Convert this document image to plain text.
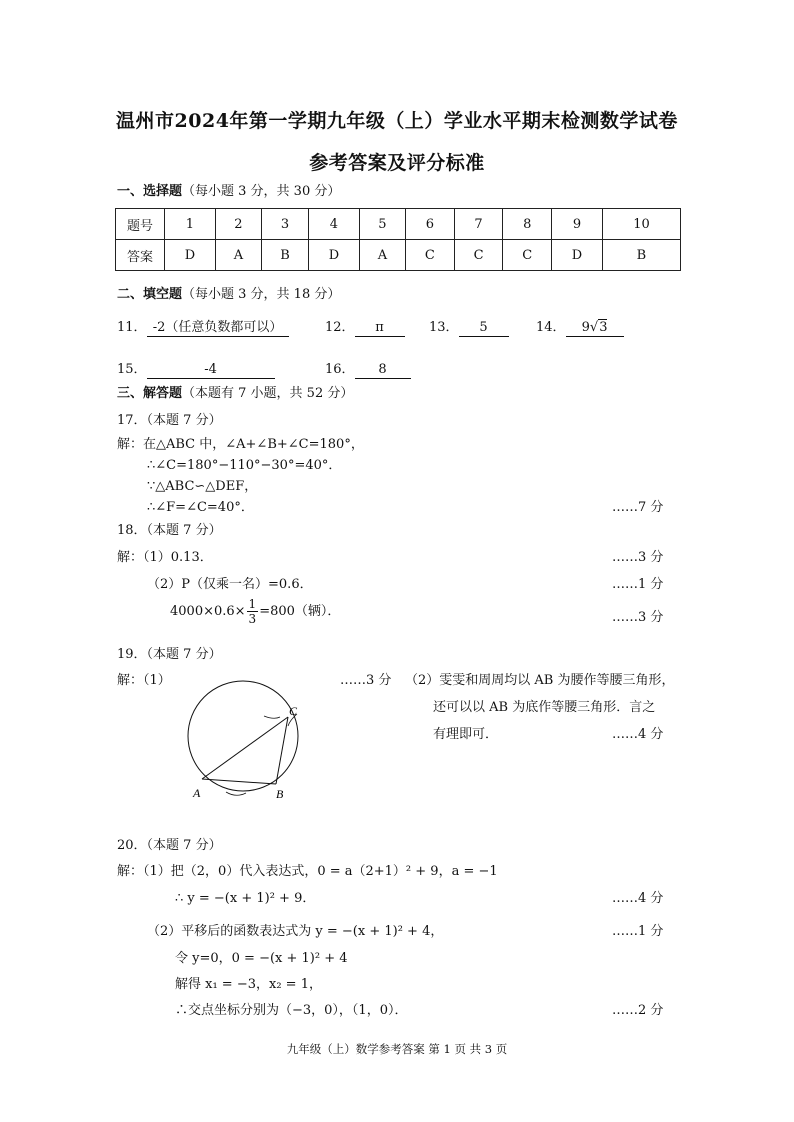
温州市2024年第一学期九年级（上）学业水平期末检测数学试卷
参考答案及评分标准
一、选择题（每小题 3 分，共 30 分）
题号	1	2	3	4	5	6	7	8	9	10
答案	D	A	B	D	A	C	C	C	D	B
二、填空题（每小题 3 分，共 18 分）
11． -2（任意负数都可以）	12． π	13． 5	14． 9√3
15．	-4	16． 8
三、解答题（本题有 7 小题，共 52 分）
17．（本题 7 分）
解：在△ABC 中，∠A+∠B+∠C=180°，
∴∠C=180°−110°−30°=40°．
∵△ABC∽△DEF，
∴∠F=∠C=40°．	……7 分
18．（本题 7 分）
解：（1）0.13．	……3 分
（2）P（仅乘一名）=0.6．	……1 分
$4000\times 0.6\times \frac{1}{3} =800$（辆）．	……3 分
19．（本题 7 分）
解：（1）	……3 分 （2）雯雯和周周均以 AB 为腰作等腰三角形，
还可以以 AB 为底作等腰三角形．言之
有理即可．	……4 分
A	B
C
20．（本题 7 分）
解：（1）把（2，0）代入表达式，0 = a（2+1）² + 9，a = −1
∴ y = −(x + 1)² + 9．	……4 分
（2）平移后的函数表达式为 y = −(x + 1)² + 4，	……1 分
令 y=0，0 = −(x + 1)² + 4
解得 x₁ = −3，x₂ = 1，
∴交点坐标分别为（−3，0），（1，0）．	……2 分
九年级（上）数学参考答案 第 1 页 共 3 页
